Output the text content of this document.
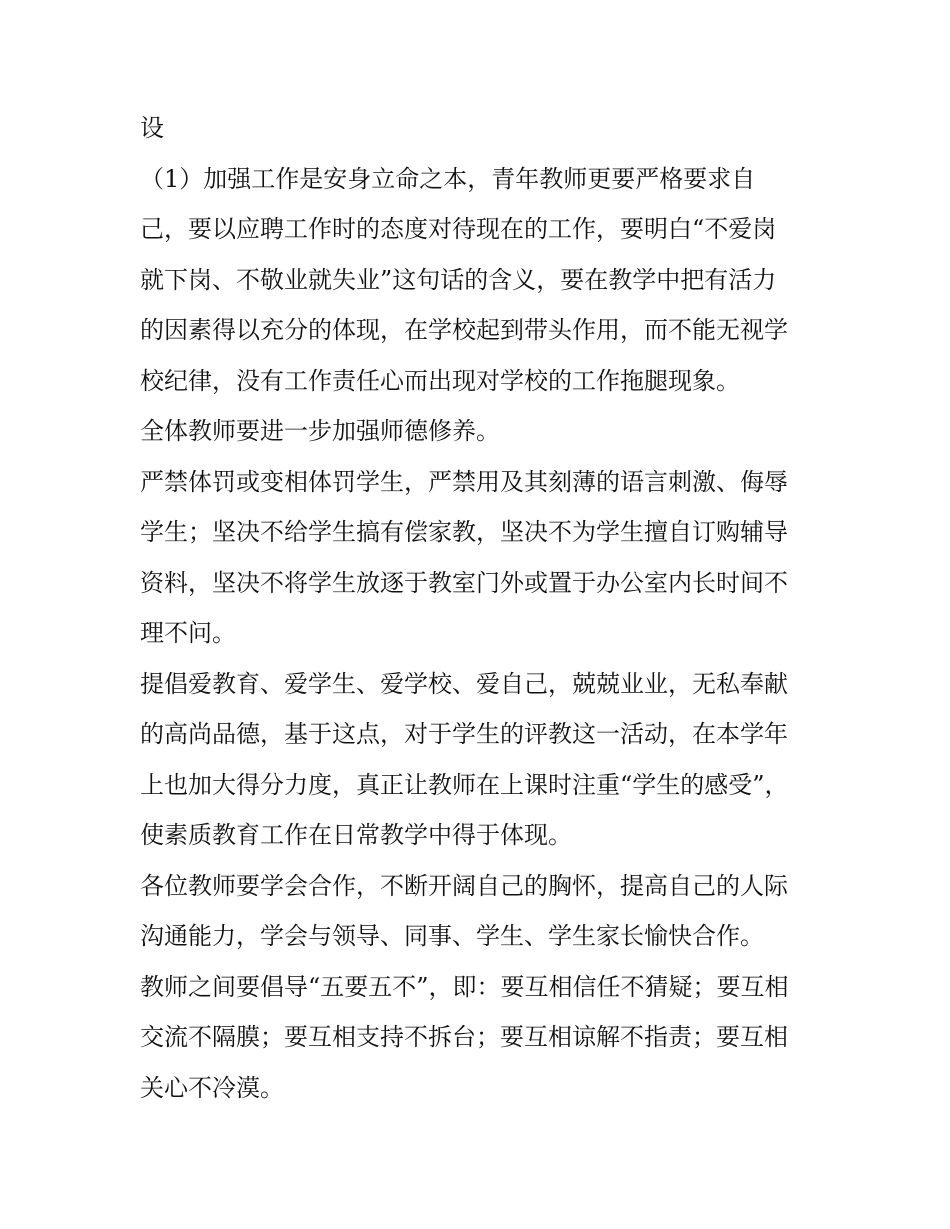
设
（1）加强工作是安身立命之本，青年教师更要严格要求自
己，要以应聘工作时的态度对待现在的工作，要明白“不爱岗
就下岗、不敬业就失业”这句话的含义，要在教学中把有活力
的因素得以充分的体现，在学校起到带头作用，而不能无视学
校纪律，没有工作责任心而出现对学校的工作拖腿现象。
全体教师要进一步加强师德修养。
严禁体罚或变相体罚学生，严禁用及其刻薄的语言刺激、侮辱
学生；坚决不给学生搞有偿家教，坚决不为学生擅自订购辅导
资料，坚决不将学生放逐于教室门外或置于办公室内长时间不
理不问。
提倡爱教育、爱学生、爱学校、爱自己，兢兢业业，无私奉献
的高尚品德，基于这点，对于学生的评教这一活动，在本学年
上也加大得分力度，真正让教师在上课时注重“学生的感受”，
使素质教育工作在日常教学中得于体现。
各位教师要学会合作，不断开阔自己的胸怀，提高自己的人际
沟通能力，学会与领导、同事、学生、学生家长愉快合作。
教师之间要倡导“五要五不”，即：要互相信任不猜疑；要互相
交流不隔膜；要互相支持不拆台；要互相谅解不指责；要互相
关心不冷漠。
